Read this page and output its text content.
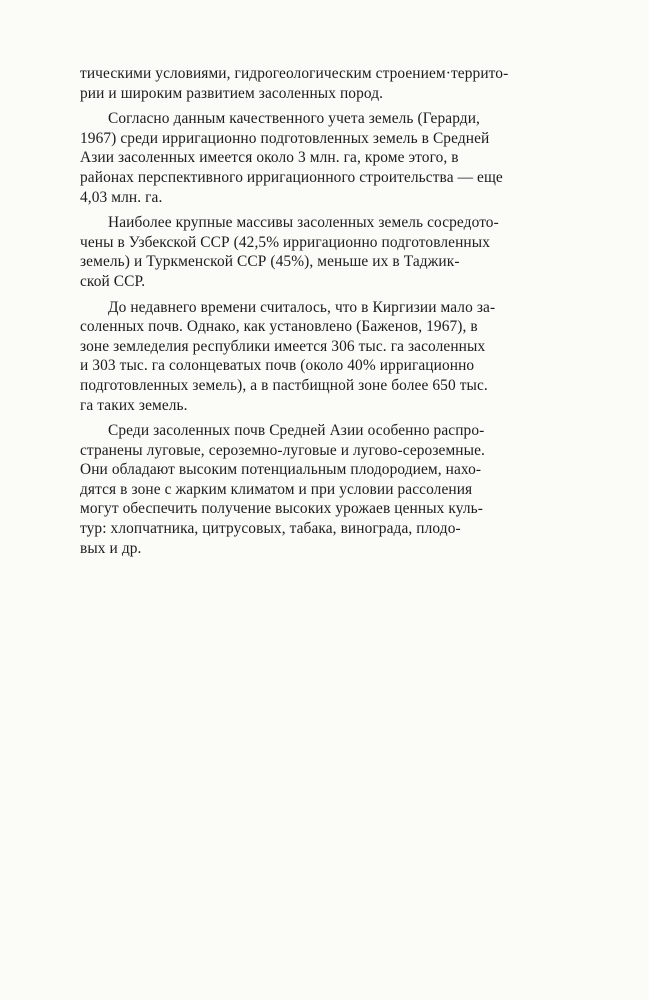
тическими условиями, гидрогеологическим строением·террито-
рии и широким развитием засоленных пород.

Согласно данным качественного учета земель (Герарди,
1967) среди ирригационно подготовленных земель в Средней
Азии засоленных имеется около 3 млн. га, кроме этого, в
районах перспективного ирригационного строительства — еще
4,03 млн. га.

Наиболее крупные массивы засоленных земель сосредото-
чены в Узбекской ССР (42,5% ирригационно подготовленных
земель) и Туркменской ССР (45%), меньше их в Таджик-
ской ССР.

До недавнего времени считалось, что в Киргизии мало за-
соленных почв. Однако, как установлено (Баженов, 1967), в
зоне земледелия республики имеется 306 тыс. га засоленных
и 303 тыс. га солонцеватых почв (около 40% ирригационно
подготовленных земель), а в пастбищной зоне более 650 тыс.
га таких земель.

Среди засоленных почв Средней Азии особенно распро-
странены луговые, сероземно-луговые и лугово-сероземные.
Они обладают высоким потенциальным плодородием, нахо-
дятся в зоне с жарким климатом и при условии рассоления
могут обеспечить получение высоких урожаев ценных куль-
тур: хлопчатника, цитрусовых, табака, винограда, плодо-
вых и др.
